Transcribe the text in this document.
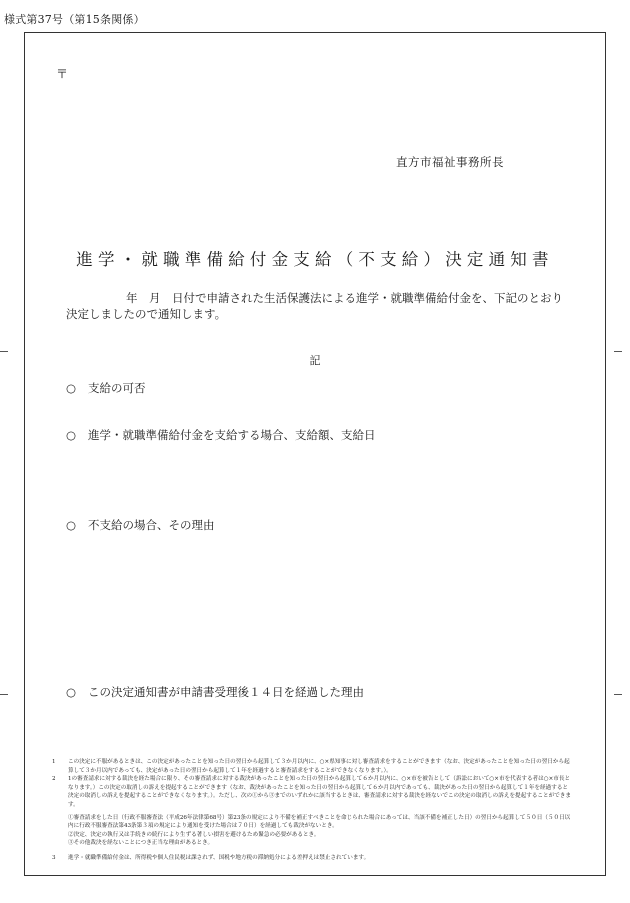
様式第37号（第15条関係）
〒
直方市福祉事務所長
進学・就職準備給付金支給（不支給）決定通知書
年　月　日付で申請された生活保護法による進学・就職準備給付金を、下記のとおり
決定しましたので通知します。
記
○ 支給の可否
○ 進学・就職準備給付金を支給する場合、支給額、支給日
○ 不支給の場合、その理由
○ この決定通知書が申請書受理後１４日を経過した理由
1	この決定に不服があるときは、この決定があったことを知った日の翌日から起算して３か月以内に、○×県知事に対し審査請求をすることができます（なお、決定があったことを知った日の翌日から起算して３か月以内であっても、決定があった日の翌日から起算して１年を経過すると審査請求をすることができなくなります。）。
2	1の審査請求に対する裁決を経た場合に限り、その審査請求に対する裁決があったことを知った日の翌日から起算して６か月以内に、○×市を被告として（訴訟において○×市を代表する者は○×市長となります。）この決定の取消しの訴えを提起することができます（なお、裁決があったことを知った日の翌日から起算して６か月以内であっても、裁決があった日の翌日から起算して１年を経過すると決定の取消しの訴えを提起することができなくなります。）。ただし、次の①から③までのいずれかに該当するときは、審査請求に対する裁決を経ないでこの決定の取消しの訴えを提起することができます。
①審査請求をした日（行政不服審査法（平成26年法律第68号）第23条の規定により不備を補正すべきことを命じられた場合にあっては、当該不備を補正した日）の翌日から起算して５０日（５０日以内に行政不服審査法第43条第３項の規定により通知を受けた場合は７０日）を経過しても裁決がないとき。
②決定、決定の執行又は手続きの続行により生ずる著しい損害を避けるため緊急の必要があるとき。
③その他裁決を経ないことにつき正当な理由があるとき。
3	進学・就職準備給付金は、所得税や個人住民税は課されず、国税や地方税の滞納処分による差押えは禁止されています。
